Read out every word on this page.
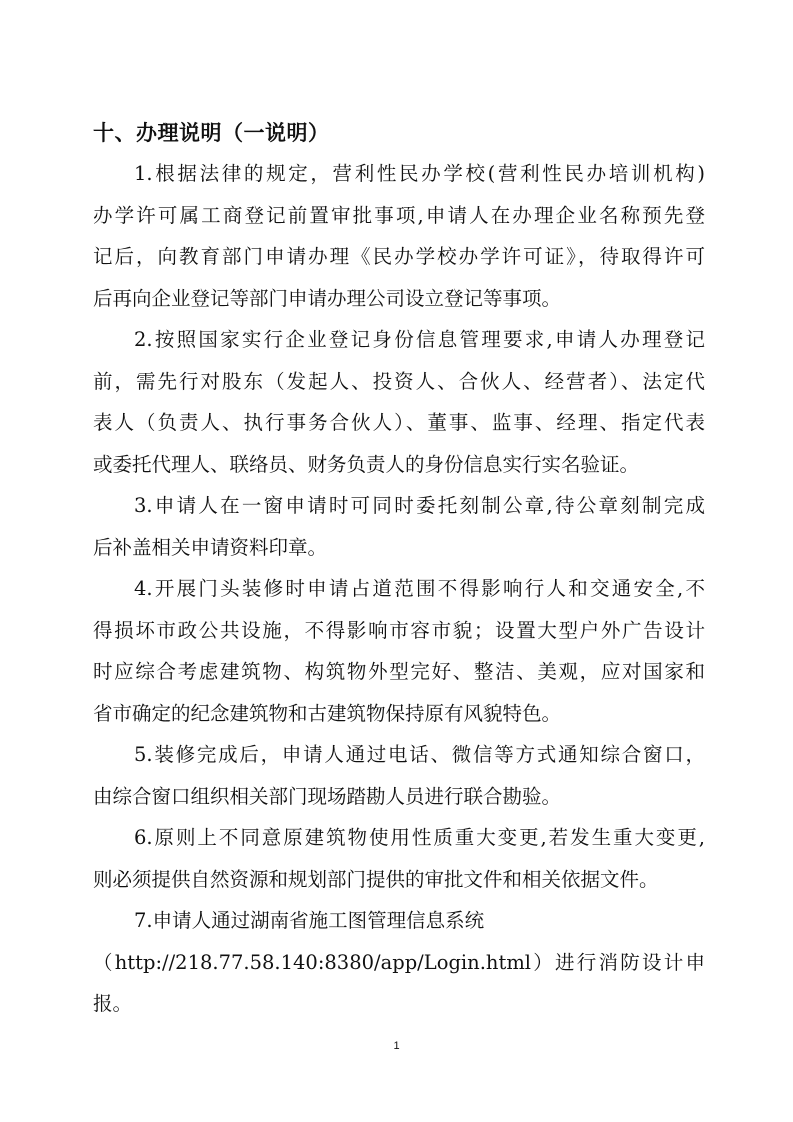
十、办理说明（一说明）
1.根据法律的规定，营利性民办学校(营利性民办培训机构)
办学许可属工商登记前置审批事项,申请人在办理企业名称预先登
记后，向教育部门申请办理《民办学校办学许可证》，待取得许可
后再向企业登记等部门申请办理公司设立登记等事项。
2.按照国家实行企业登记身份信息管理要求,申请人办理登记
前，需先行对股东（发起人、投资人、合伙人、经营者）、法定代
表人（负责人、执行事务合伙人）、董事、监事、经理、指定代表
或委托代理人、联络员、财务负责人的身份信息实行实名验证。
3.申请人在一窗申请时可同时委托刻制公章,待公章刻制完成
后补盖相关申请资料印章。
4.开展门头装修时申请占道范围不得影响行人和交通安全,不
得损坏市政公共设施，不得影响市容市貌；设置大型户外广告设计
时应综合考虑建筑物、构筑物外型完好、整洁、美观，应对国家和
省市确定的纪念建筑物和古建筑物保持原有风貌特色。
5.装修完成后，申请人通过电话、微信等方式通知综合窗口，
由综合窗口组织相关部门现场踏勘人员进行联合勘验。
6.原则上不同意原建筑物使用性质重大变更,若发生重大变更,
则必须提供自然资源和规划部门提供的审批文件和相关依据文件。
7.申请人通过湖南省施工图管理信息系统
（http://218.77.58.140:8380/app/Login.html）进行消防设计申
报。
1
